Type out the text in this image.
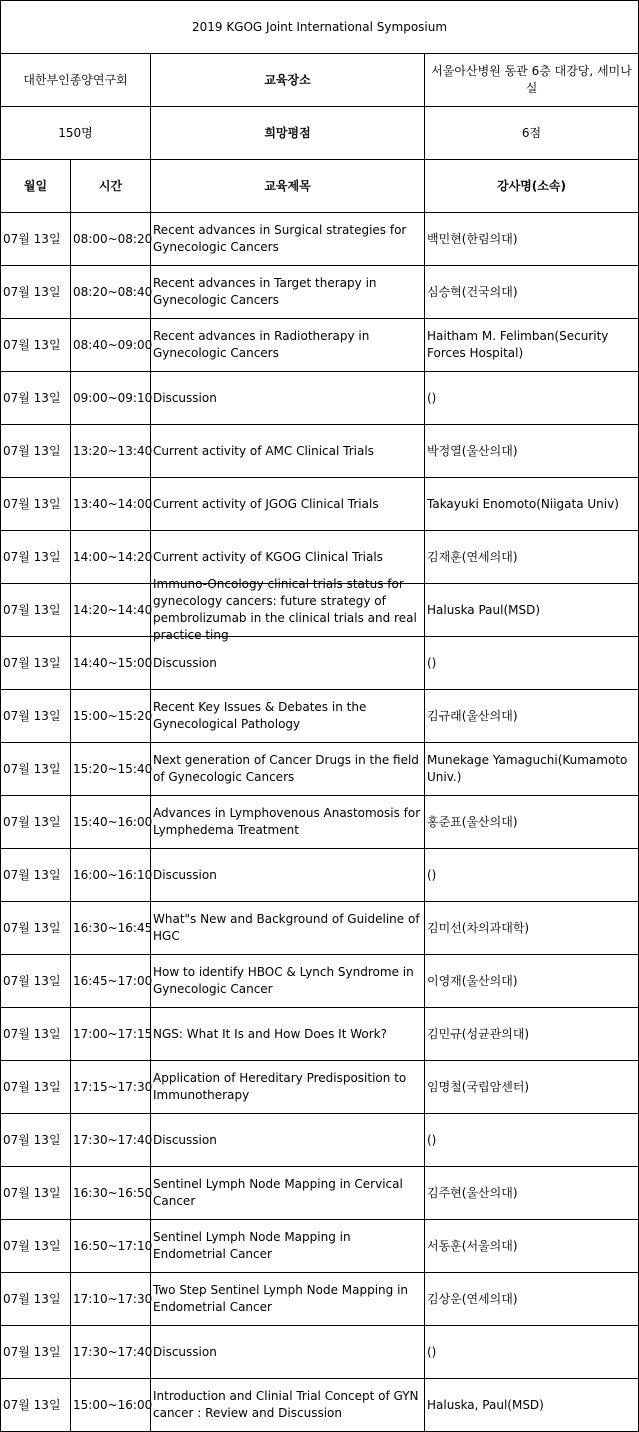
2019 KGOG Joint International Symposium			
대한부인종양연구회		교육장소	서울아산병원 동관 6층 대강당, 세미나실
150명		희망평점	6점
월일	시간	교육제목	강사명(소속)

07월 13일	08:00~08:20	Recent advances in Surgical strategies for Gynecologic Cancers	백민현(한림의대)

07월 13일	08:20~08:40	Recent advances in Target therapy in Gynecologic Cancers	심승혁(건국의대)

07월 13일	08:40~09:00	Recent advances in Radiotherapy in Gynecologic Cancers	Haitham M. Felimban(Security Forces Hospital)

07월 13일	09:00~09:10	Discussion	()

07월 13일	13:20~13:40	Current activity of AMC Clinical Trials	박정열(울산의대)

07월 13일	13:40~14:00	Current activity of JGOG Clinical Trials	Takayuki Enomoto(Niigata Univ)

07월 13일	14:00~14:20	Current activity of KGOG Clinical Trials	김재훈(연세의대)

07월 13일	14:20~14:40	Immuno-Oncology clinical trials status for gynecology cancers: future strategy of pembrolizumab in the clinical trials and real practice ting	Haluska Paul(MSD)

07월 13일	14:40~15:00	Discussion	()

07월 13일	15:00~15:20	Recent Key Issues & Debates in the Gynecological Pathology	김규래(울산의대)

07월 13일	15:20~15:40	Next generation of Cancer Drugs in the field of Gynecologic Cancers	Munekage Yamaguchi(Kumamoto Univ.)

07월 13일	15:40~16:00	Advances in Lymphovenous Anastomosis for Lymphedema Treatment	홍준표(울산의대)

07월 13일	16:00~16:10	Discussion	()

07월 13일	16:30~16:45	What"s New and Background of Guideline of HGC	김미선(차의과대학)

07월 13일	16:45~17:00	How to identify HBOC & Lynch Syndrome in Gynecologic Cancer	이영재(울산의대)

07월 13일	17:00~17:15	NGS: What It Is and How Does It Work?	김민규(성균관의대)

07월 13일	17:15~17:30	Application of Hereditary Predisposition to Immunotherapy	임명철(국립암센터)

07월 13일	17:30~17:40	Discussion	()

07월 13일	16:30~16:50	Sentinel Lymph Node Mapping in Cervical Cancer	김주현(울산의대)

07월 13일	16:50~17:10	Sentinel Lymph Node Mapping in Endometrial Cancer	서동훈(서울의대)

07월 13일	17:10~17:30	Two Step Sentinel Lymph Node Mapping in Endometrial Cancer	김상운(연세의대)

07월 13일	17:30~17:40	Discussion	()

07월 13일	15:00~16:00	Introduction and Clinial Trial Concept of GYN cancer : Review and Discussion	Haluska, Paul(MSD)
